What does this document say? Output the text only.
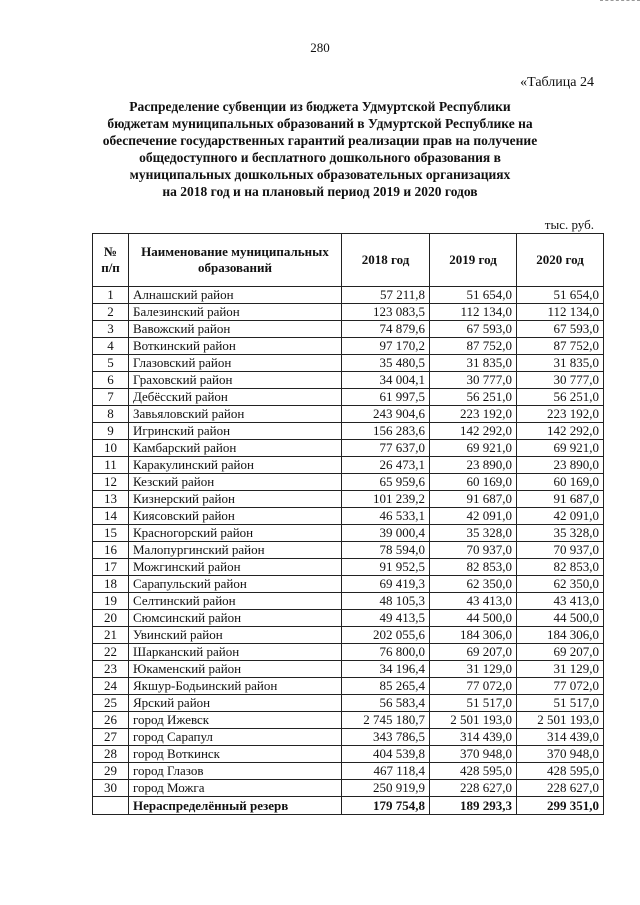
280
«Таблица 24
Распределение субвенции из бюджета Удмуртской Республики
бюджетам муниципальных образований в Удмуртской Республике на
обеспечение государственных гарантий реализации прав на получение
общедоступного и бесплатного дошкольного образования в
муниципальных дошкольных образовательных организациях
на 2018 год и на плановый период 2019 и 2020 годов
тыс. руб.
№ п/п	Наименование муниципальных образований	2018 год	2019 год	2020 год
1	Алнашский район	57 211,8	51 654,0	51 654,0
2	Балезинский район	123 083,5	112 134,0	112 134,0
3	Вавожский район	74 879,6	67 593,0	67 593,0
4	Воткинский район	97 170,2	87 752,0	87 752,0
5	Глазовский район	35 480,5	31 835,0	31 835,0
6	Граховский район	34 004,1	30 777,0	30 777,0
7	Дебёсский район	61 997,5	56 251,0	56 251,0
8	Завьяловский район	243 904,6	223 192,0	223 192,0
9	Игринский район	156 283,6	142 292,0	142 292,0
10	Камбарский район	77 637,0	69 921,0	69 921,0
11	Каракулинский район	26 473,1	23 890,0	23 890,0
12	Кезский район	65 959,6	60 169,0	60 169,0
13	Кизнерский район	101 239,2	91 687,0	91 687,0
14	Киясовский район	46 533,1	42 091,0	42 091,0
15	Красногорский район	39 000,4	35 328,0	35 328,0
16	Малопургинский район	78 594,0	70 937,0	70 937,0
17	Можгинский район	91 952,5	82 853,0	82 853,0
18	Сарапульский район	69 419,3	62 350,0	62 350,0
19	Селтинский район	48 105,3	43 413,0	43 413,0
20	Сюмсинский район	49 413,5	44 500,0	44 500,0
21	Увинский район	202 055,6	184 306,0	184 306,0
22	Шарканский район	76 800,0	69 207,0	69 207,0
23	Юкаменский район	34 196,4	31 129,0	31 129,0
24	Якшур-Бодьинский район	85 265,4	77 072,0	77 072,0
25	Ярский район	56 583,4	51 517,0	51 517,0
26	город Ижевск	2 745 180,7	2 501 193,0	2 501 193,0
27	город Сарапул	343 786,5	314 439,0	314 439,0
28	город Воткинск	404 539,8	370 948,0	370 948,0
29	город Глазов	467 118,4	428 595,0	428 595,0
30	город Можга	250 919,9	228 627,0	228 627,0
	Нераспределённый резерв	179 754,8	189 293,3	299 351,0
